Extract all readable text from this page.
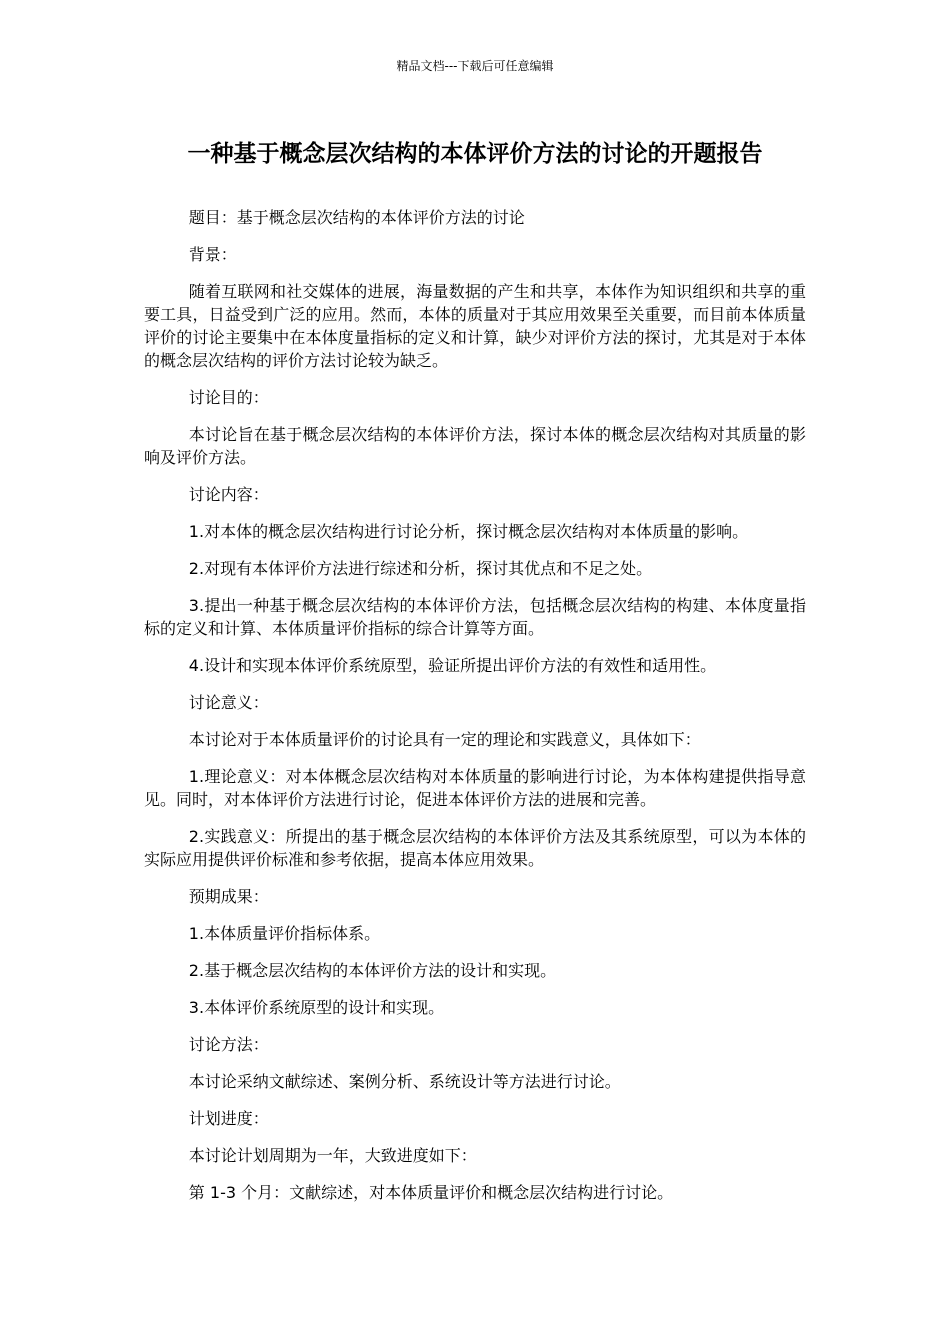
精品文档---下载后可任意编辑
一种基于概念层次结构的本体评价方法的讨论的开题报告

题目：基于概念层次结构的本体评价方法的讨论

背景：

随着互联网和社交媒体的进展，海量数据的产生和共享，本体作为知识组织和共享的重要工具，日益受到广泛的应用。然而，本体的质量对于其应用效果至关重要，而目前本体质量评价的讨论主要集中在本体度量指标的定义和计算，缺少对评价方法的探讨，尤其是对于本体的概念层次结构的评价方法讨论较为缺乏。

讨论目的：

本讨论旨在基于概念层次结构的本体评价方法，探讨本体的概念层次结构对其质量的影响及评价方法。

讨论内容：

1.对本体的概念层次结构进行讨论分析，探讨概念层次结构对本体质量的影响。

2.对现有本体评价方法进行综述和分析，探讨其优点和不足之处。

3.提出一种基于概念层次结构的本体评价方法，包括概念层次结构的构建、本体度量指标的定义和计算、本体质量评价指标的综合计算等方面。

4.设计和实现本体评价系统原型，验证所提出评价方法的有效性和适用性。

讨论意义：

本讨论对于本体质量评价的讨论具有一定的理论和实践意义，具体如下：

1.理论意义：对本体概念层次结构对本体质量的影响进行讨论，为本体构建提供指导意见。同时，对本体评价方法进行讨论，促进本体评价方法的进展和完善。

2.实践意义：所提出的基于概念层次结构的本体评价方法及其系统原型，可以为本体的实际应用提供评价标准和参考依据，提高本体应用效果。

预期成果：

1.本体质量评价指标体系。

2.基于概念层次结构的本体评价方法的设计和实现。

3.本体评价系统原型的设计和实现。

讨论方法：

本讨论采纳文献综述、案例分析、系统设计等方法进行讨论。

计划进度：

本讨论计划周期为一年，大致进度如下：

第 1-3 个月：文献综述，对本体质量评价和概念层次结构进行讨论。
